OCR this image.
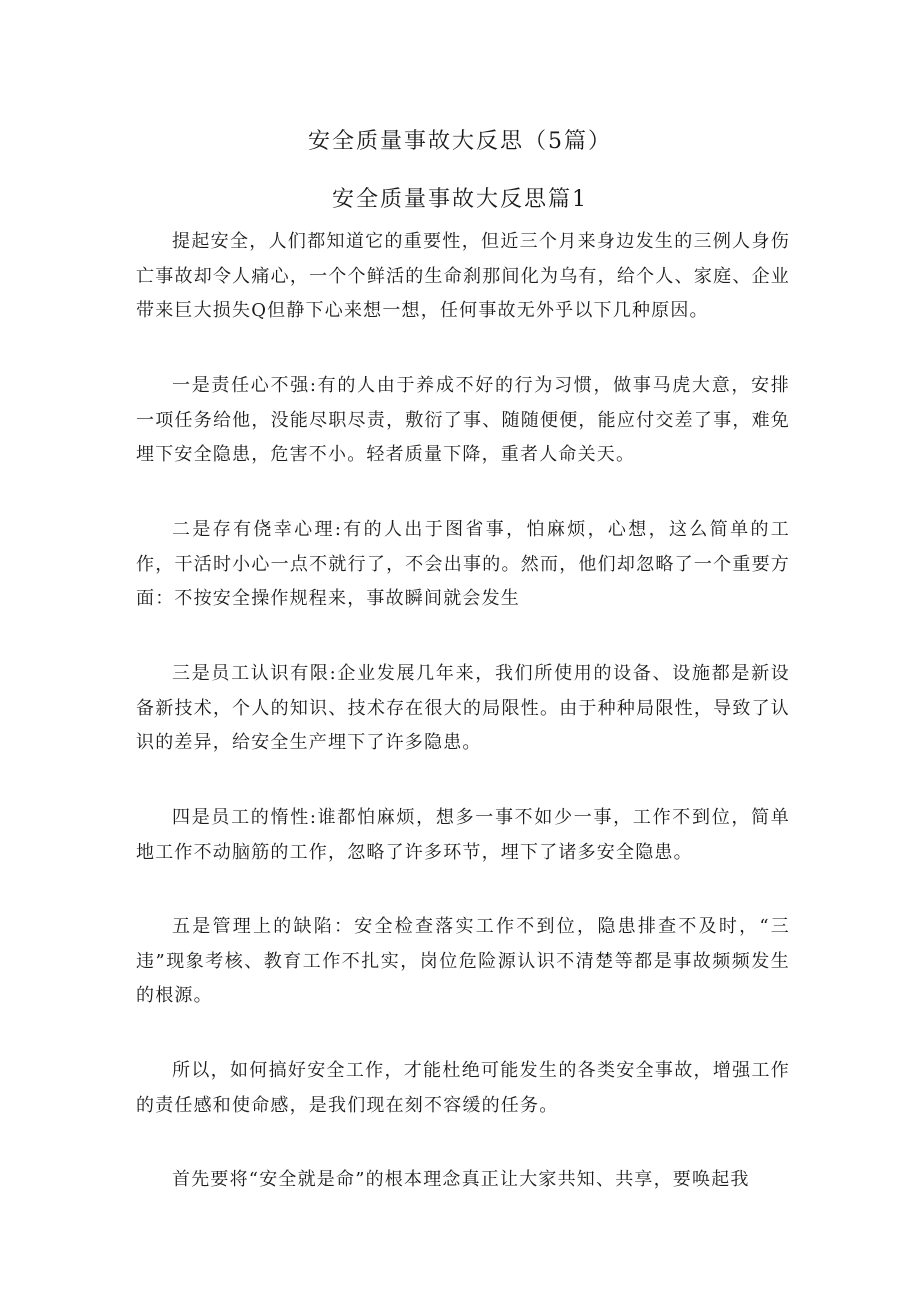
安全质量事故大反思（5篇）
安全质量事故大反思篇1

提起安全，人们都知道它的重要性，但近三个月来身边发生的三例人身伤亡事故却令人痛心，一个个鲜活的生命刹那间化为乌有，给个人、家庭、企业带来巨大损失Q但静下心来想一想，任何事故无外乎以下几种原因。

一是责任心不强:有的人由于养成不好的行为习惯，做事马虎大意，安排一项任务给他，没能尽职尽责，敷衍了事、随随便便，能应付交差了事，难免埋下安全隐患，危害不小。轻者质量下降，重者人命关天。

二是存有侥幸心理:有的人出于图省事，怕麻烦，心想，这么简单的工作，干活时小心一点不就行了，不会出事的。然而，他们却忽略了一个重要方面：不按安全操作规程来，事故瞬间就会发生

三是员工认识有限:企业发展几年来，我们所使用的设备、设施都是新设备新技术，个人的知识、技术存在很大的局限性。由于种种局限性，导致了认识的差异，给安全生产埋下了许多隐患。

四是员工的惰性:谁都怕麻烦，想多一事不如少一事，工作不到位，简单地工作不动脑筋的工作，忽略了许多环节，埋下了诸多安全隐患。

五是管理上的缺陷：安全检查落实工作不到位，隐患排查不及时，“三违”现象考核、教育工作不扎实，岗位危险源认识不清楚等都是事故频频发生的根源。

所以，如何搞好安全工作，才能杜绝可能发生的各类安全事故，增强工作的责任感和使命感，是我们现在刻不容缓的任务。

首先要将“安全就是命”的根本理念真正让大家共知、共享，要唤起我
